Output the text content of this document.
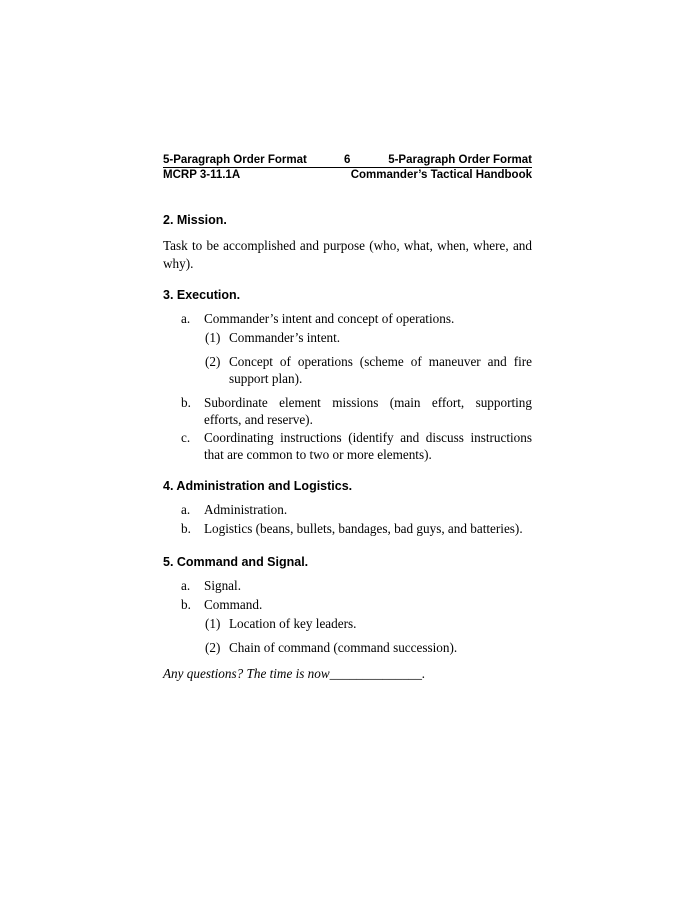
5-Paragraph Order Format	6	5-Paragraph Order Format
MCRP 3-11.1A	Commander’s Tactical Handbook
2. Mission.
Task to be accomplished and purpose (who, what, when, where, and why).
3. Execution.
a. Commander’s intent and concept of operations.
(1) Commander’s intent.
(2) Concept of operations (scheme of maneuver and fire support plan).
b. Subordinate element missions (main effort, supporting efforts, and reserve).
c. Coordinating instructions (identify and discuss instructions that are common to two or more elements).
4. Administration and Logistics.
a. Administration.
b. Logistics (beans, bullets, bandages, bad guys, and batteries).
5. Command and Signal.
a. Signal.
b. Command.
(1) Location of key leaders.
(2) Chain of command (command succession).
Any questions? The time is now______________.
